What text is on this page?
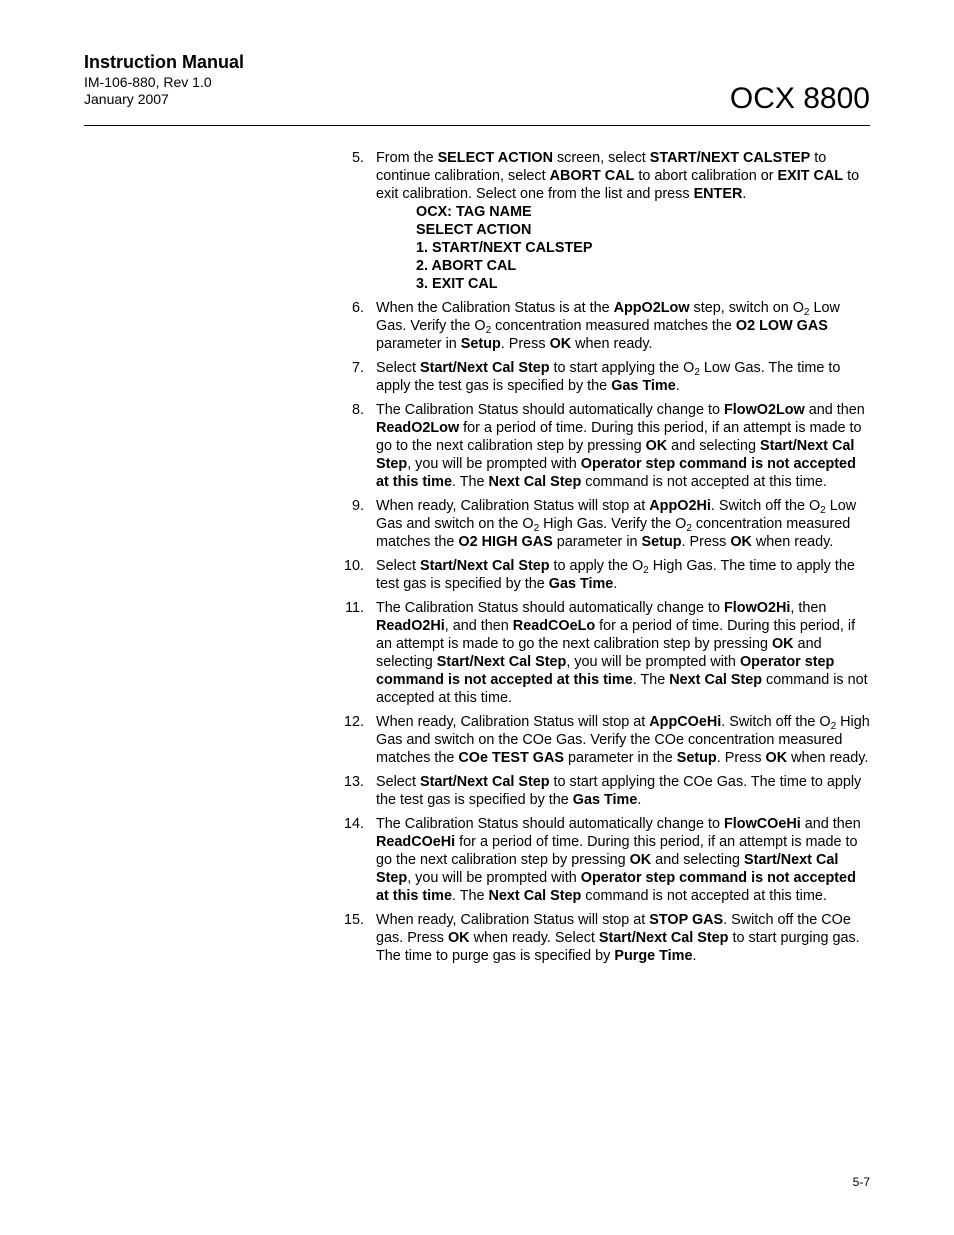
Instruction Manual
IM-106-880, Rev 1.0
January 2007	OCX 8800
5. From the SELECT ACTION screen, select START/NEXT CALSTEP to continue calibration, select ABORT CAL to abort calibration or EXIT CAL to exit calibration. Select one from the list and press ENTER.
OCX: TAG NAME
SELECT ACTION
1. START/NEXT CALSTEP
2. ABORT CAL
3. EXIT CAL
6. When the Calibration Status is at the AppO2Low step, switch on $O_2$ Low Gas. Verify the $O_2$ concentration measured matches the O2 LOW GAS parameter in Setup. Press OK when ready.
7. Select Start/Next Cal Step to start applying the $O_2$ Low Gas. The time to apply the test gas is specified by the Gas Time.
8. The Calibration Status should automatically change to FlowO2Low and then ReadO2Low for a period of time. During this period, if an attempt is made to go to the next calibration step by pressing OK and selecting Start/Next Cal Step, you will be prompted with Operator step command is not accepted at this time. The Next Cal Step command is not accepted at this time.
9. When ready, Calibration Status will stop at AppO2Hi. Switch off the $O_2$ Low Gas and switch on the $O_2$ High Gas. Verify the $O_2$ concentration measured matches the O2 HIGH GAS parameter in Setup. Press OK when ready.
10. Select Start/Next Cal Step to apply the $O_2$ High Gas. The time to apply the test gas is specified by the Gas Time.
11. The Calibration Status should automatically change to FlowO2Hi, then ReadO2Hi, and then ReadCOeLo for a period of time. During this period, if an attempt is made to go the next calibration step by pressing OK and selecting Start/Next Cal Step, you will be prompted with Operator step command is not accepted at this time. The Next Cal Step command is not accepted at this time.
12. When ready, Calibration Status will stop at AppCOeHi. Switch off the $O_2$ High Gas and switch on the COe Gas. Verify the COe concentration measured matches the COe TEST GAS parameter in the Setup. Press OK when ready.
13. Select Start/Next Cal Step to start applying the COe Gas. The time to apply the test gas is specified by the Gas Time.
14. The Calibration Status should automatically change to FlowCOeHi and then ReadCOeHi for a period of time. During this period, if an attempt is made to go the next calibration step by pressing OK and selecting Start/Next Cal Step, you will be prompted with Operator step command is not accepted at this time. The Next Cal Step command is not accepted at this time.
15. When ready, Calibration Status will stop at STOP GAS. Switch off the COe gas. Press OK when ready. Select Start/Next Cal Step to start purging gas. The time to purge gas is specified by Purge Time.
5-7
